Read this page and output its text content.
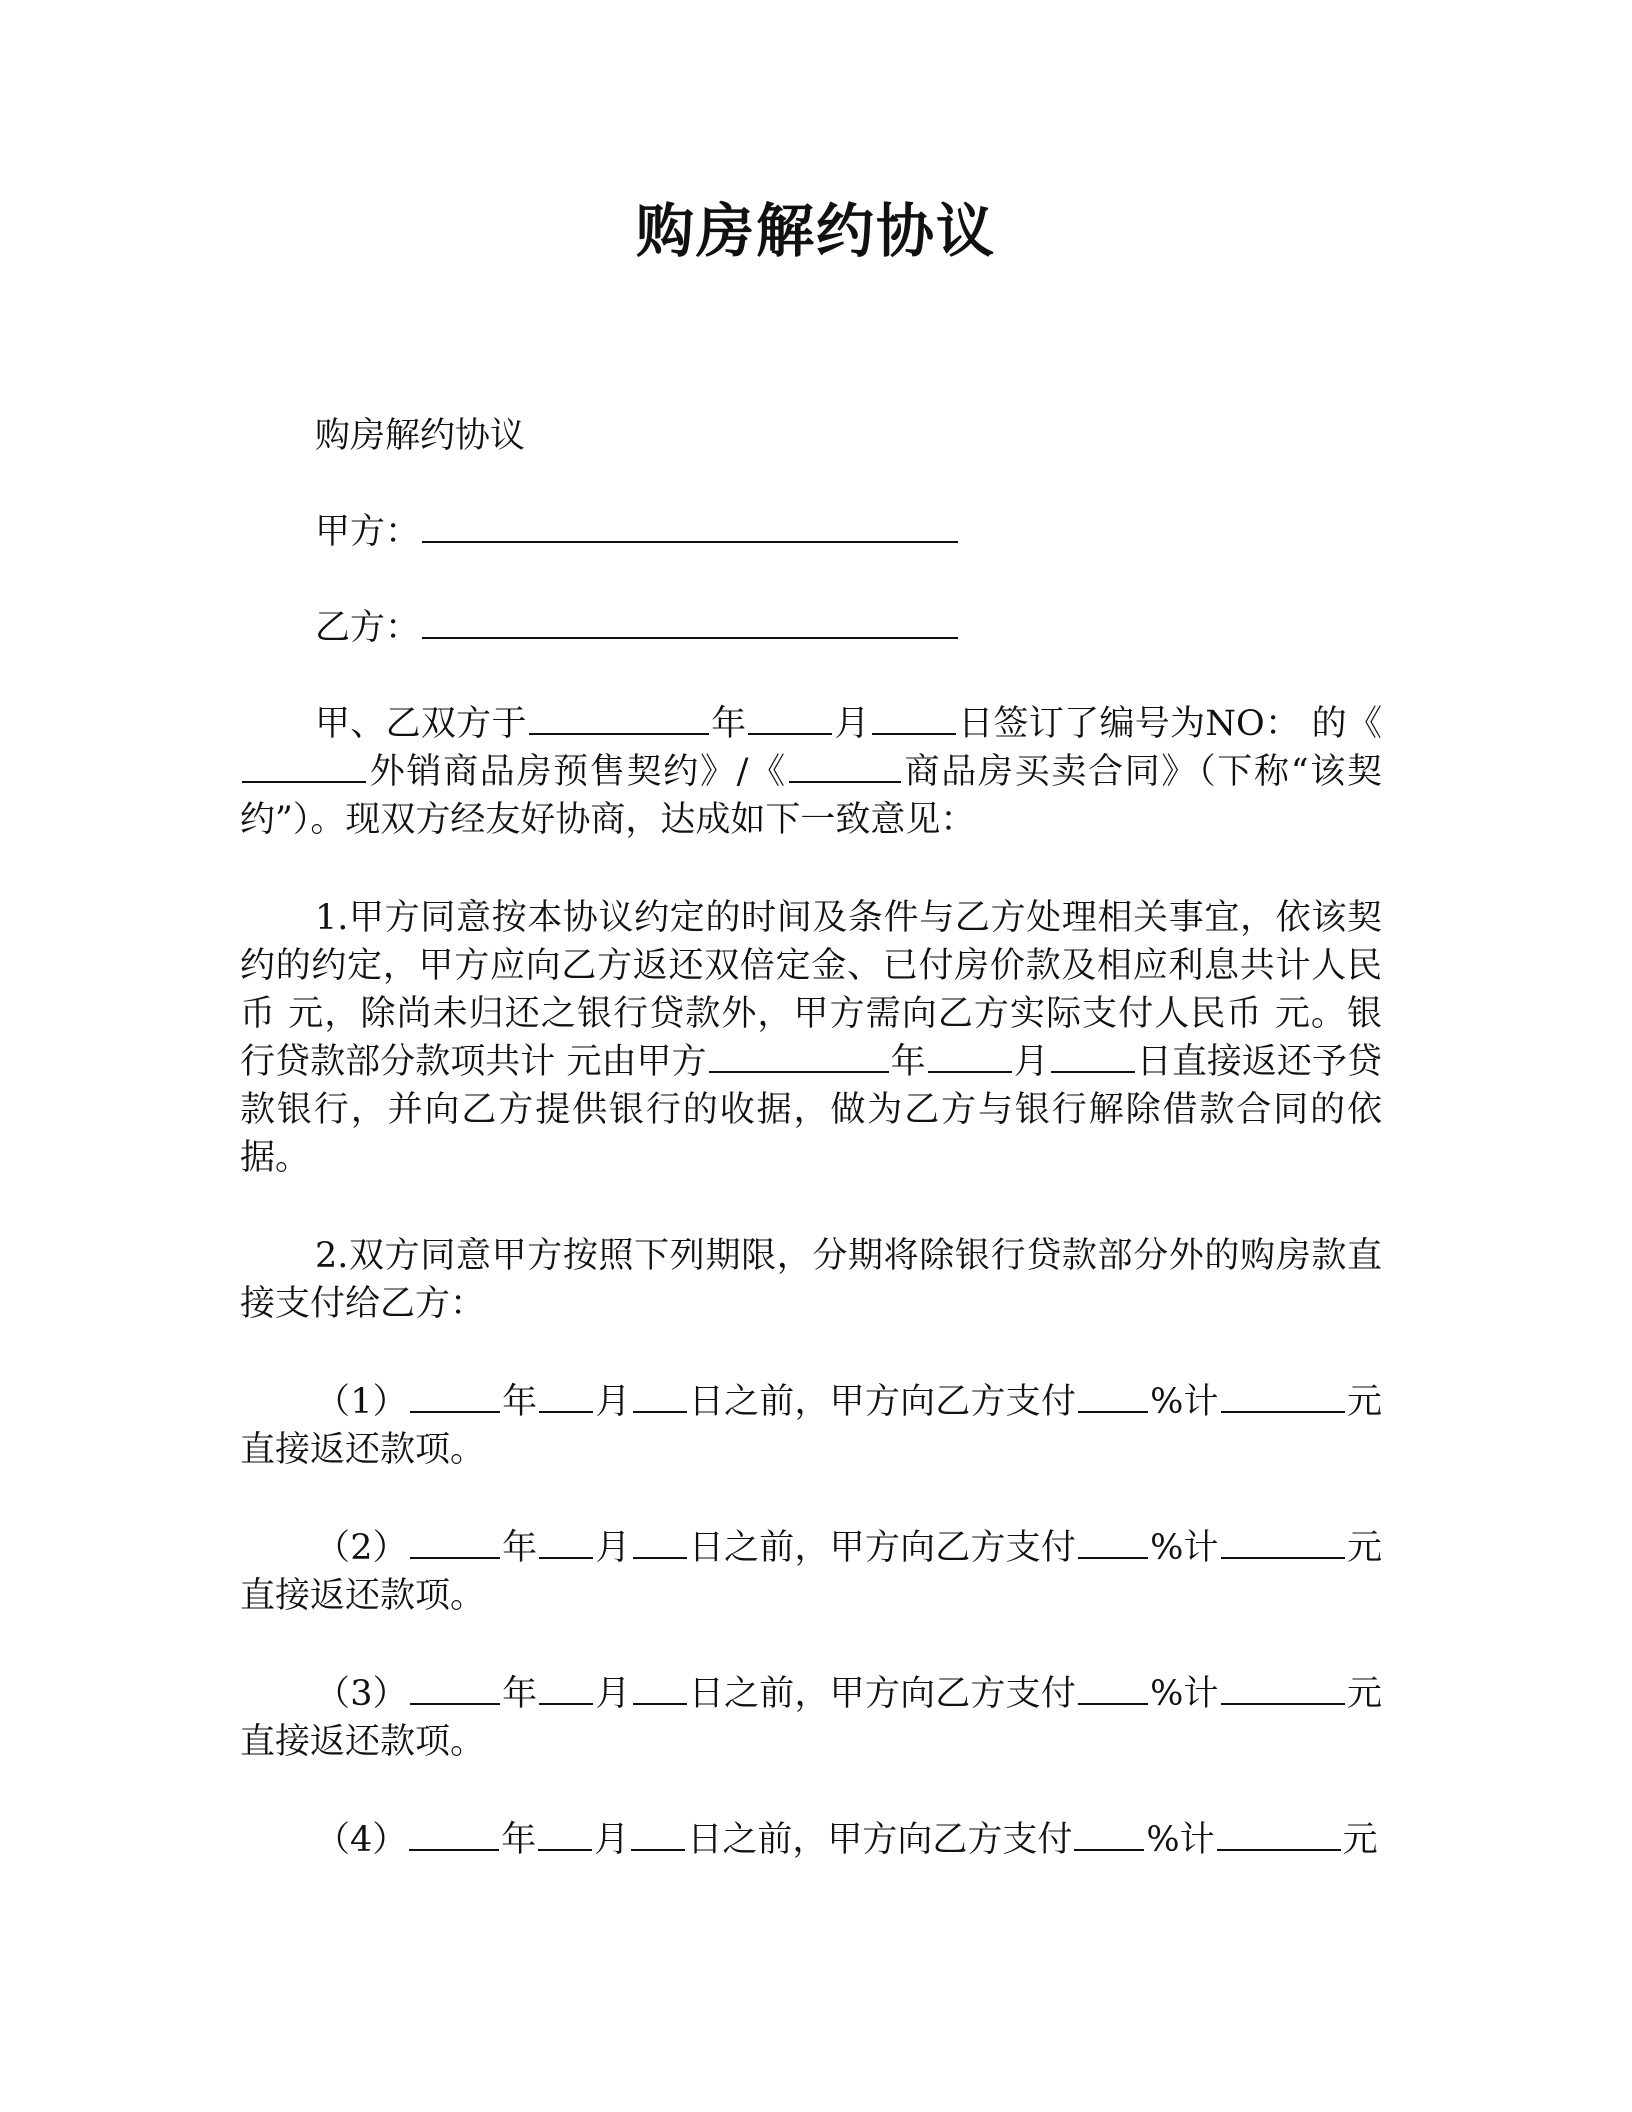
购房解约协议

购房解约协议

甲方：

乙方：

甲、乙双方于	年	月	日签订了编号为NO： 的《外销商品房预售契约》/《	商品房买卖合同》（下称“该契约”）。现双方经友好协商，达成如下一致意见：

1.甲方同意按本协议约定的时间及条件与乙方处理相关事宜，依该契约的约定，甲方应向乙方返还双倍定金、已付房价款及相应利息共计人民币 元，除尚未归还之银行贷款外，甲方需向乙方实际支付人民币 元。银行贷款部分款项共计 元由甲方	年	月	日直接返还予贷款银行，并向乙方提供银行的收据，做为乙方与银行解除借款合同的依据。

2.双方同意甲方按照下列期限，分期将除银行贷款部分外的购房款直接支付给乙方：

（1）	年 月 日之前，甲方向乙方支付 %计	元直接返还款项。

（2）	年 月 日之前，甲方向乙方支付 %计	元直接返还款项。

（3）	年 月 日之前，甲方向乙方支付 %计	元直接返还款项。

（4）	年 月 日之前，甲方向乙方支付 %计	元
